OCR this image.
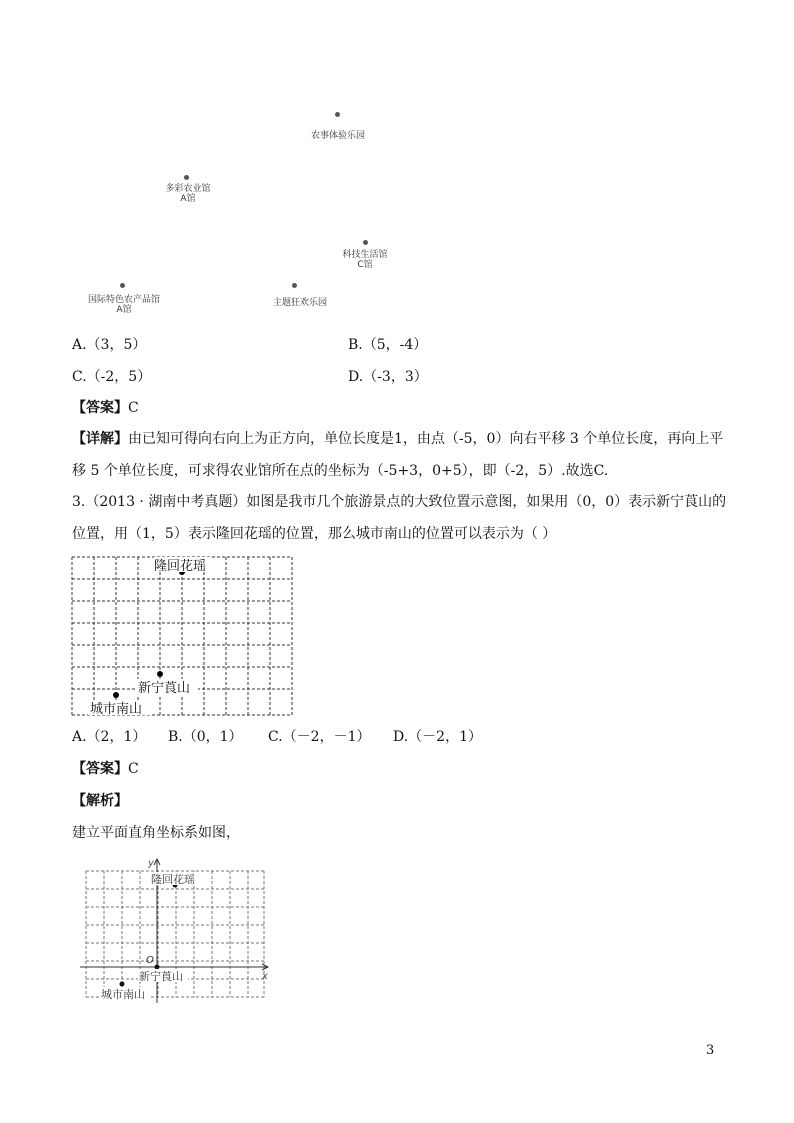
农事体验乐园
多彩农业馆
A馆
科技生活馆
C馆
国际特色农产品馆
A馆
主题狂欢乐园
A.（3，5）	B.（5，-4）
C.（-2，5）	D.（-3，3）
【答案】C
【详解】由已知可得向右向上为正方向，单位长度是1，由点（-5，0）向右平移 3 个单位长度，再向上平
移 5 个单位长度，可求得农业馆所在点的坐标为（-5+3，0+5），即（-2，5）.故选C.
3.（2013 · 湖南中考真题）如图是我市几个旅游景点的大致位置示意图，如果用（0，0）表示新宁莨山的
位置，用（1，5）表示隆回花瑶的位置，那么城市南山的位置可以表示为（ ）
隆回花瑶
新宁莨山
城市南山
A.（2，1） B.（0，1） C.（－2，－1） D.（－2，1）
【答案】C
【解析】
建立平面直角坐标系如图，
y
x
O
隆回花瑶
新宁莨山
城市南山
3
